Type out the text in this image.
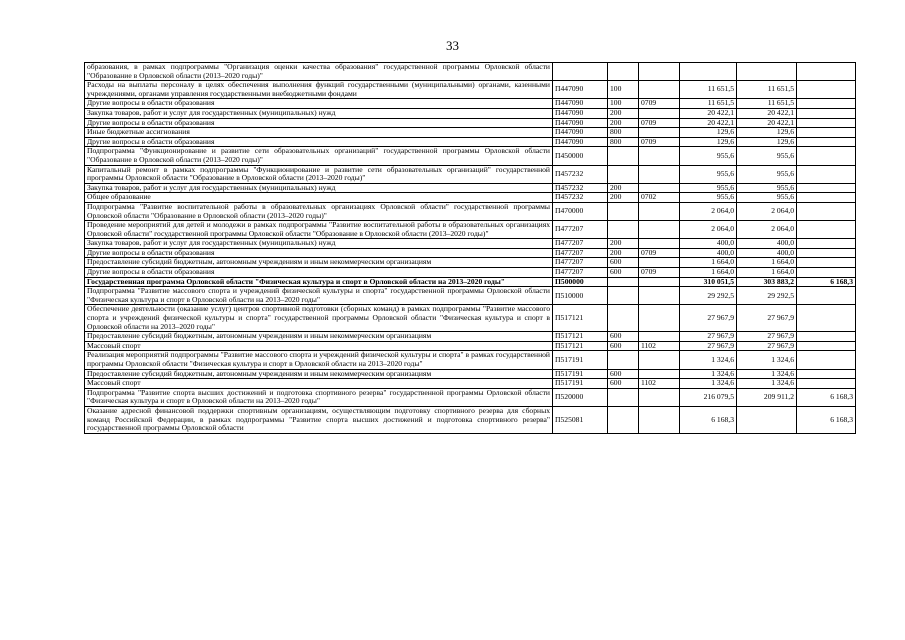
33
образования, в рамках подпрограммы "Организация оценки качества образования" государственной программы Орловской области "Образование в Орловской области (2013–2020 годы)"						
Расходы на выплаты персоналу в целях обеспечения выполнения функций государственными (муниципальными) органами, казенными учреждениями, органами управления государственными внебюджетными фондами	П447090	100		11 651,5	11 651,5	
Другие вопросы в области образования	П447090	100	0709	11 651,5	11 651,5	
Закупка товаров, работ и услуг для государственных (муниципальных) нужд	П447090	200		20 422,1	20 422,1	
Другие вопросы в области образования	П447090	200	0709	20 422,1	20 422,1	
Иные бюджетные ассигнования	П447090	800		129,6	129,6	
Другие вопросы в области образования	П447090	800	0709	129,6	129,6	
Подпрограмма "Функционирование и развитие сети образовательных организаций" государственной программы Орловской области "Образование в Орловской области (2013–2020 годы)"	П450000			955,6	955,6	
Капитальный ремонт в рамках подпрограммы "Функционирование и развитие сети образовательных организаций" государственной программы Орловской области "Образование в Орловской области (2013–2020 годы)"	П457232			955,6	955,6	
Закупка товаров, работ и услуг для государственных (муниципальных) нужд	П457232	200		955,6	955,6	
Общее образование	П457232	200	0702	955,6	955,6	
Подпрограмма "Развитие воспитательной работы в образовательных организациях Орловской области" государственной программы Орловской области "Образование в Орловской области (2013–2020 годы)"	П470000			2 064,0	2 064,0	
Проведение мероприятий для детей и молодежи в рамках подпрограммы "Развитие воспитательной работы в образовательных организациях Орловской области" государственной программы Орловской области "Образование в Орловской области (2013–2020 годы)"	П477207			2 064,0	2 064,0	
Закупка товаров, работ и услуг для государственных (муниципальных) нужд	П477207	200		400,0	400,0	
Другие вопросы в области образования	П477207	200	0709	400,0	400,0	
Предоставление субсидий бюджетным, автономным учреждениям и иным некоммерческим организациям	П477207	600		1 664,0	1 664,0	
Другие вопросы в области образования	П477207	600	0709	1 664,0	1 664,0	
Государственная программа Орловской области "Физическая культура и спорт в Орловской области на 2013–2020 годы"	П500000			310 051,5	303 883,2	6 168,3
Подпрограмма "Развитие массового спорта и учреждений физической культуры и спорта" государственной программы Орловской области "Физическая культура и спорт в Орловской области на 2013–2020 годы"	П510000			29 292,5	29 292,5	
Обеспечение деятельности (оказание услуг) центров спортивной подготовки (сборных команд) в рамках подпрограммы "Развитие массового спорта и учреждений физической культуры и спорта" государственной программы Орловской области "Физическая культура и спорт в Орловской области на 2013–2020 годы"	П517121			27 967,9	27 967,9	
Предоставление субсидий бюджетным, автономным учреждениям и иным некоммерческим организациям	П517121	600		27 967,9	27 967,9	
Массовый спорт	П517121	600	1102	27 967,9	27 967,9	
Реализация мероприятий подпрограммы "Развитие массового спорта и учреждений физической культуры и спорта" в рамках государственной программы Орловской области "Физическая культура и спорт в Орловской области на 2013–2020 годы"	П517191			1 324,6	1 324,6	
Предоставление субсидий бюджетным, автономным учреждениям и иным некоммерческим организациям	П517191	600		1 324,6	1 324,6	
Массовый спорт	П517191	600	1102	1 324,6	1 324,6	
Подпрограмма "Развитие спорта высших достижений и подготовка спортивного резерва" государственной программы Орловской области "Физическая культура и спорт в Орловской области на 2013–2020 годы"	П520000			216 079,5	209 911,2	6 168,3
Оказание адресной финансовой поддержки спортивным организациям, осуществляющим подготовку спортивного резерва для сборных команд Российской Федерации, в рамках подпрограммы "Развитие спорта высших достижений и подготовка спортивного резерва" государственной программы Орловской области	П525081			6 168,3		6 168,3
